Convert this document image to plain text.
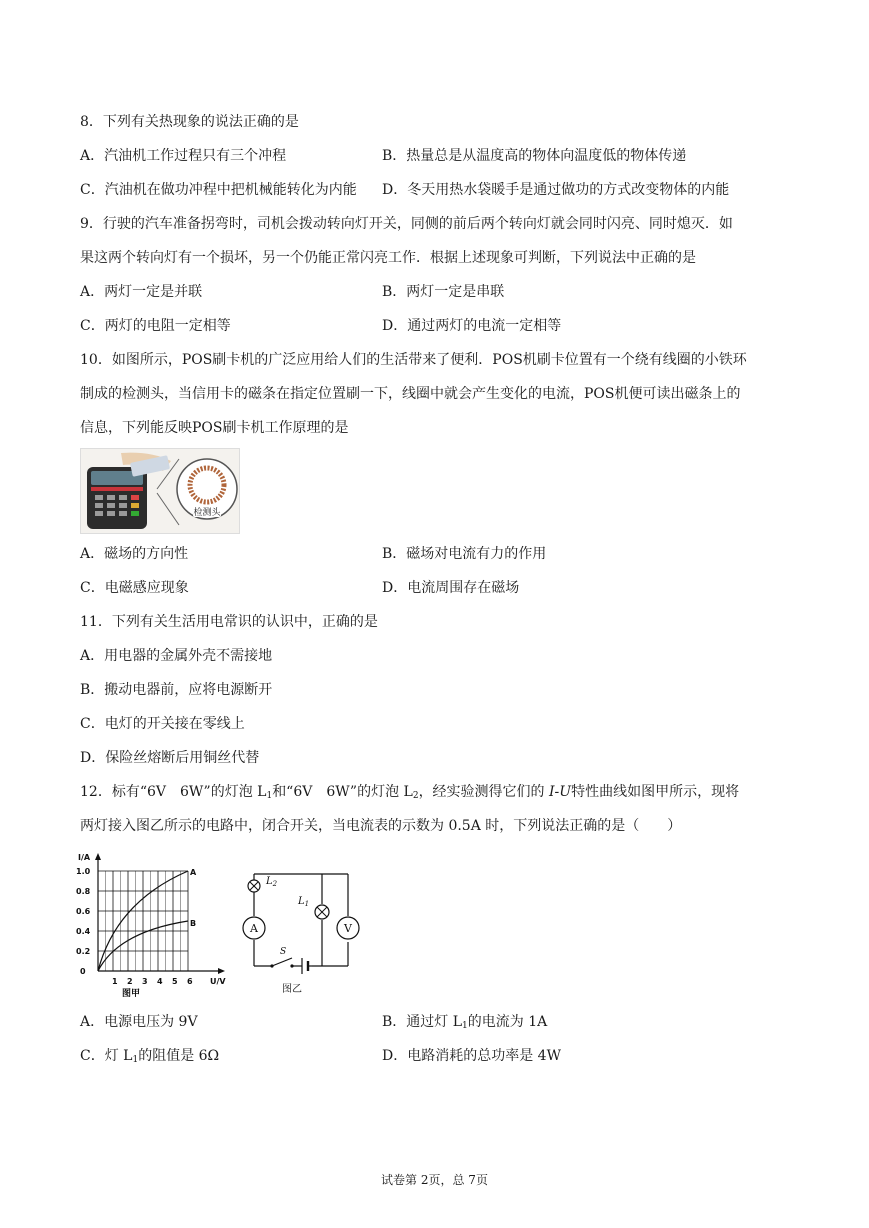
8．下列有关热现象的说法正确的是
A．汽油机工作过程只有三个冲程	B．热量总是从温度高的物体向温度低的物体传递
C．汽油机在做功冲程中把机械能转化为内能 D．冬天用热水袋暖手是通过做功的方式改变物体的内能
9．行驶的汽车准备拐弯时，司机会拨动转向灯开关，同侧的前后两个转向灯就会同时闪亮、同时熄灭．如
果这两个转向灯有一个损坏，另一个仍能正常闪亮工作．根据上述现象可判断，下列说法中正确的是
A．两灯一定是并联	B．两灯一定是串联
C．两灯的电阻一定相等	D．通过两灯的电流一定相等
10．如图所示，POS刷卡机的广泛应用给人们的生活带来了便利．POS机刷卡位置有一个绕有线圈的小铁环
制成的检测头，当信用卡的磁条在指定位置刷一下，线圈中就会产生变化的电流，POS机便可读出磁条上的
信息，下列能反映POS刷卡机工作原理的是
检测头
A．磁场的方向性	B．磁场对电流有力的作用
C．电磁感应现象	D．电流周围存在磁场
11．下列有关生活用电常识的认识中，正确的是
A．用电器的金属外壳不需接地
B．搬动电器前，应将电源断开
C．电灯的开关接在零线上
D．保险丝熔断后用铜丝代替
12．标有“6V　6W”的灯泡 $L_1$和“6V　6W”的灯泡 $L_2$，经实验测得它们的 I-U特性曲线如图甲所示，现将
两灯接入图乙所示的电路中，闭合开关，当电流表的示数为 0.5A 时，下列说法正确的是（　　）
I/A
U/V
1.0
0.8
0.6
0.4
0.2
0
1 2 3 4 5 6
A
B
图甲
$L_2$
$L_1$
A	V
S
图乙
A．电源电压为 9V	B．通过灯 $L_1$的电流为 1A
C．灯 $L_1$的阻值是 6Ω	D．电路消耗的总功率是 4W
试卷第 2页，总 7页
